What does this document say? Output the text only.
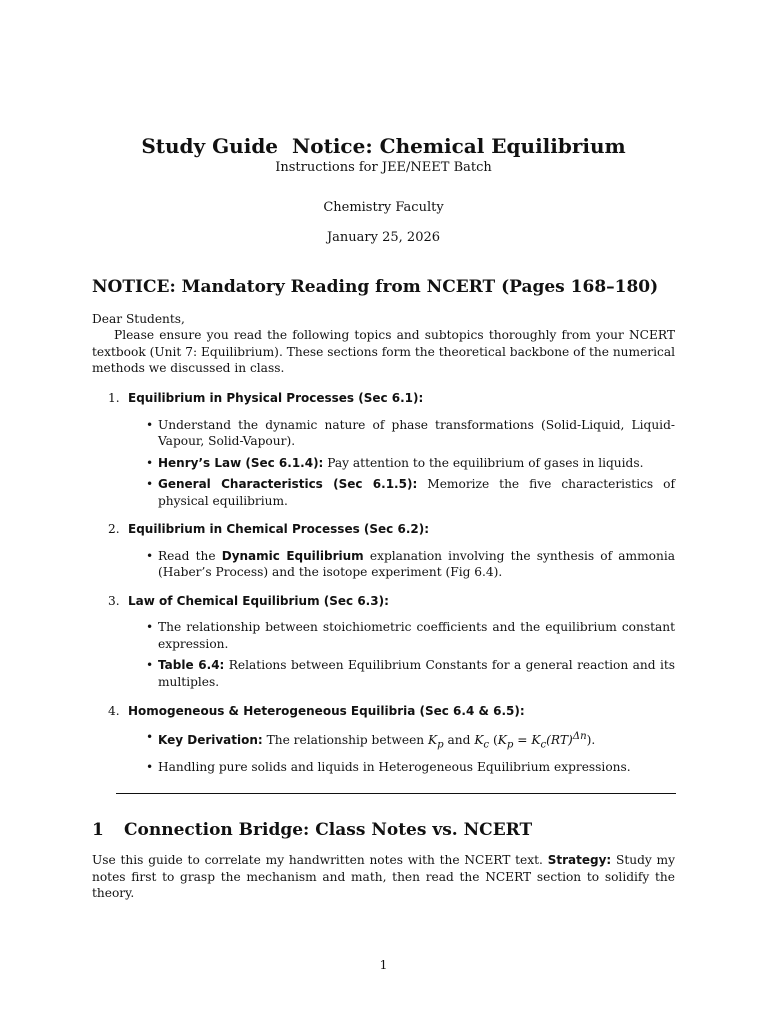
Study Guide  Notice: Chemical Equilibrium
Instructions for JEE/NEET Batch
Chemistry Faculty
January 25, 2026
NOTICE: Mandatory Reading from NCERT (Pages 168–180)
Dear Students,
Please ensure you read the following topics and subtopics thoroughly from your NCERT textbook (Unit 7: Equilibrium). These sections form the theoretical backbone of the numerical methods we discussed in class.
1. Equilibrium in Physical Processes (Sec 6.1):
• Understand the dynamic nature of phase transformations (Solid-Liquid, Liquid-Vapour, Solid-Vapour).
• Henry’s Law (Sec 6.1.4): Pay attention to the equilibrium of gases in liquids.
• General Characteristics (Sec 6.1.5): Memorize the five characteristics of physical equilibrium.
2. Equilibrium in Chemical Processes (Sec 6.2):
• Read the Dynamic Equilibrium explanation involving the synthesis of ammonia (Haber’s Process) and the isotope experiment (Fig 6.4).
3. Law of Chemical Equilibrium (Sec 6.3):
• The relationship between stoichiometric coefficients and the equilibrium constant expression.
• Table 6.4: Relations between Equilibrium Constants for a general reaction and its multiples.
4. Homogeneous & Heterogeneous Equilibria (Sec 6.4 & 6.5):
• Key Derivation: The relationship between $K_p$ and $K_c$ $(K_p = K_c(RT)^{\Delta n})$.
• Handling pure solids and liquids in Heterogeneous Equilibrium expressions.
1 Connection Bridge: Class Notes vs. NCERT
Use this guide to correlate my handwritten notes with the NCERT text. Strategy: Study my notes first to grasp the mechanism and math, then read the NCERT section to solidify the theory.
1
